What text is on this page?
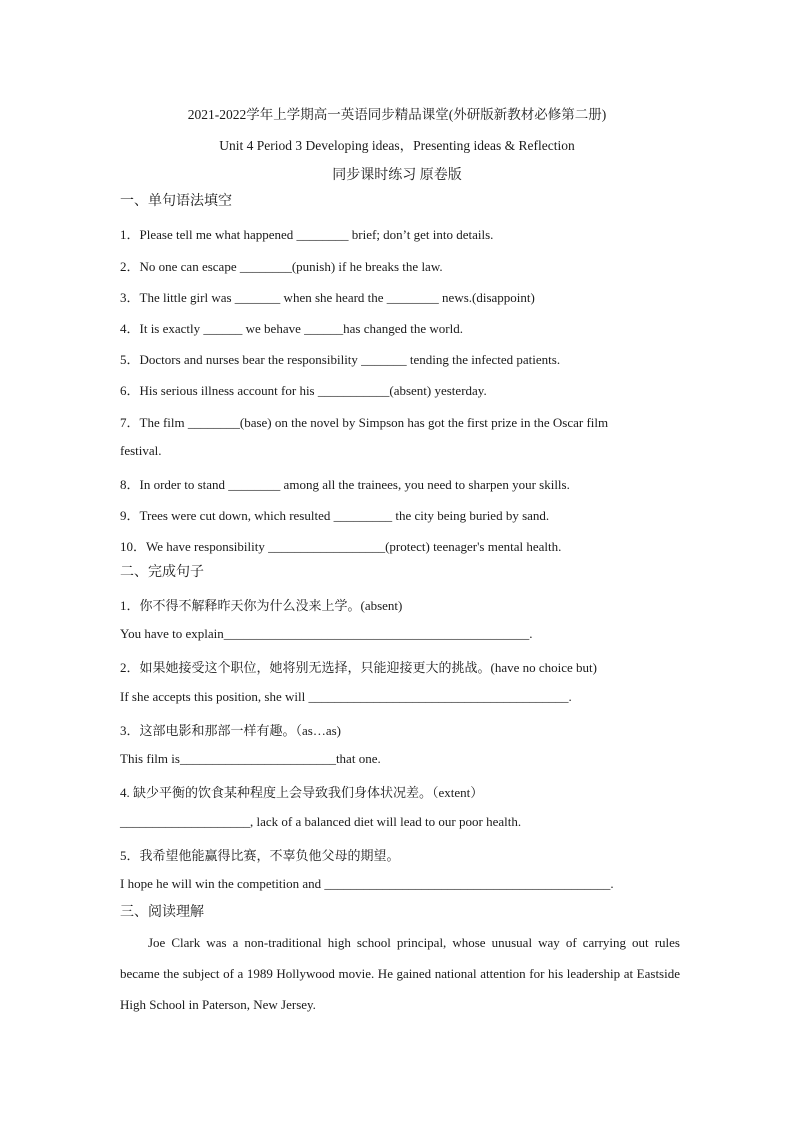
2021-2022学年上学期高一英语同步精品课堂(外研版新教材必修第二册)
Unit 4 Period 3 Developing ideas，Presenting ideas & Reflection
同步课时练习 原卷版
一、单句语法填空
1．Please tell me what happened ________ brief; don’t get into details.
2．No one can escape ________(punish) if he breaks the law.
3．The little girl was _______ when she heard the ________ news.(disappoint)
4．It is exactly ______ we behave ______has changed the world.
5．Doctors and nurses bear the responsibility _______ tending the infected patients.
6．His serious illness account for his ___________(absent) yesterday.
7．The film ________(base) on the novel by Simpson has got the first prize in the Oscar film
festival.
8．In order to stand ________ among all the trainees, you need to sharpen your skills.
9．Trees were cut down, which resulted _________ the city being buried by sand.
10．We have responsibility __________________(protect) teenager's mental health.
二、完成句子
1．你不得不解释昨天你为什么没来上学。(absent)
You have to explain_______________________________________________.
2．如果她接受这个职位，她将别无选择，只能迎接更大的挑战。(have no choice but)
If she accepts this position, she will ________________________________________.
3．这部电影和那部一样有趣。（as…as)
This film is________________________that one.
4. 缺少平衡的饮食某种程度上会导致我们身体状况差。（extent）
____________________, lack of a balanced diet will lead to our poor health.
5．我希望他能赢得比赛，不辜负他父母的期望。
I hope he will win the competition and ____________________________________________.
三、阅读理解

Joe Clark was a non-traditional high school principal, whose unusual way of carrying out rules became the subject of a 1989 Hollywood movie. He gained national attention for his leadership at Eastside High School in Paterson, New Jersey.
